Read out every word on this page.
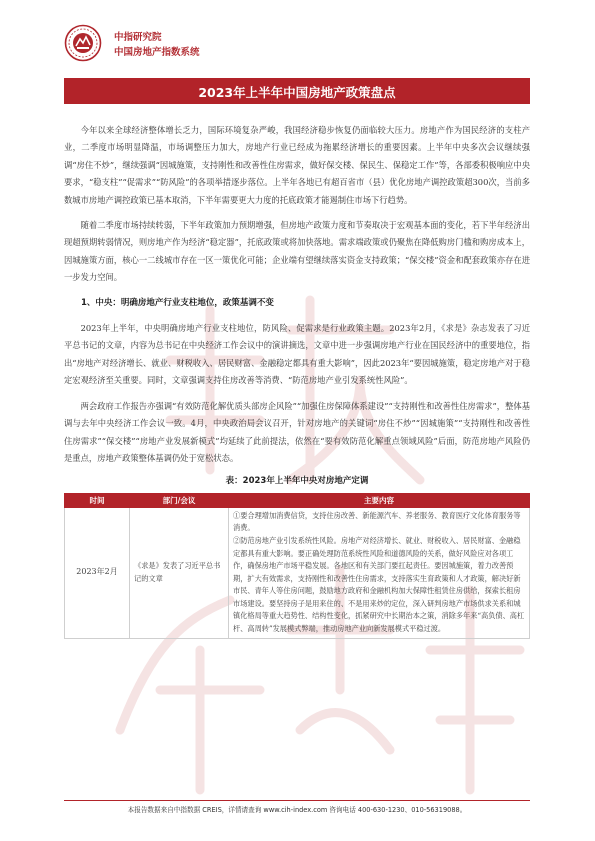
中指研究院
中国房地产指数系统
2023年上半年中国房地产政策盘点

今年以来全球经济整体增长乏力，国际环境复杂严峻，我国经济稳步恢复仍面临较大压力。房地产作为国民经济的支柱产业，二季度市场明显降温，市场调整压力加大，房地产行业已经成为拖累经济增长的重要因素。上半年中央多次会议继续强调“房住不炒”，继续强调“因城施策，支持刚性和改善性住房需求，做好保交楼、保民生、保稳定工作”等，各部委积极响应中央要求，“稳支柱”“促需求”“防风险”的各项举措逐步落位。上半年各地已有超百省市（县）优化房地产调控政策超300次，当前多数城市房地产调控政策已基本取消，下半年需要更大力度的托底政策才能遏制住市场下行趋势。

随着二季度市场持续转弱，下半年政策加力预期增强，但房地产政策力度和节奏取决于宏观基本面的变化，若下半年经济出现超预期转弱情况，则房地产作为经济“稳定器”，托底政策或将加快落地。需求端政策或仍聚焦在降低购房门槛和购房成本上，因城施策方面，核心一二线城市存在一区一策优化可能；企业端有望继续落实资金支持政策；“保交楼”资金和配套政策亦存在进一步发力空间。

1、中央：明确房地产行业支柱地位，政策基调不变

2023年上半年，中央明确房地产行业支柱地位，防风险、促需求是行业政策主题。2023年2月，《求是》杂志发表了习近平总书记的文章，内容为总书记在中央经济工作会议中的演讲摘选，文章中进一步强调房地产行业在国民经济中的重要地位，指出“房地产对经济增长、就业、财税收入、居民财富、金融稳定都具有重大影响”，因此2023年“要因城施策，稳定房地产对于稳定宏观经济至关重要。同时，文章强调支持住房改善等消费、“防范房地产业引发系统性风险”。

两会政府工作报告亦强调“有效防范化解优质头部房企风险”“加强住房保障体系建设”“支持刚性和改善性住房需求”，整体基调与去年中央经济工作会议一致。4月，中央政治局会议召开，针对房地产的关键词“房住不炒”“因城施策”“支持刚性和改善性住房需求”“保交楼”“房地产业发展新模式”均延续了此前提法，依然在“要有效防范化解重点领域风险”后面，防范房地产风险仍是重点，房地产政策整体基调仍处于宽松状态。

表：2023年上半年中央对房地产定调
时间	部门/会议	主要内容
2023年2月	《求是》发表了习近平总书记的文章	①要合理增加消费信贷，支持住房改善、新能源汽车、养老服务、教育医疗文化体育服务等消费。
②防范房地产业引发系统性风险。房地产对经济增长、就业、财税收入、居民财富、金融稳定都具有重大影响。要正确处理防范系统性风险和道德风险的关系，做好风险应对各项工作，确保房地产市场平稳发展。各地区和有关部门要扛起责任。要因城施策，着力改善预期，扩大有效需求，支持刚性和改善性住房需求，支持落实生育政策和人才政策，解决好新市民、青年人等住房问题，鼓励地方政府和金融机构加大保障性租赁住房供给，探索长租房市场建设。要坚持房子是用来住的、不是用来炒的定位，深入研判房地产市场供求关系和城镇化格局等重大趋势性、结构性变化，抓紧研究中长期治本之策，消除多年来“高负债、高杠杆、高周转”发展模式弊端，推动房地产业向新发展模式平稳过渡。
本报告数据来自中指数据 CREIS，详情请查询 www.cih-index.com 咨询电话 400-630-1230、010-56319088。
